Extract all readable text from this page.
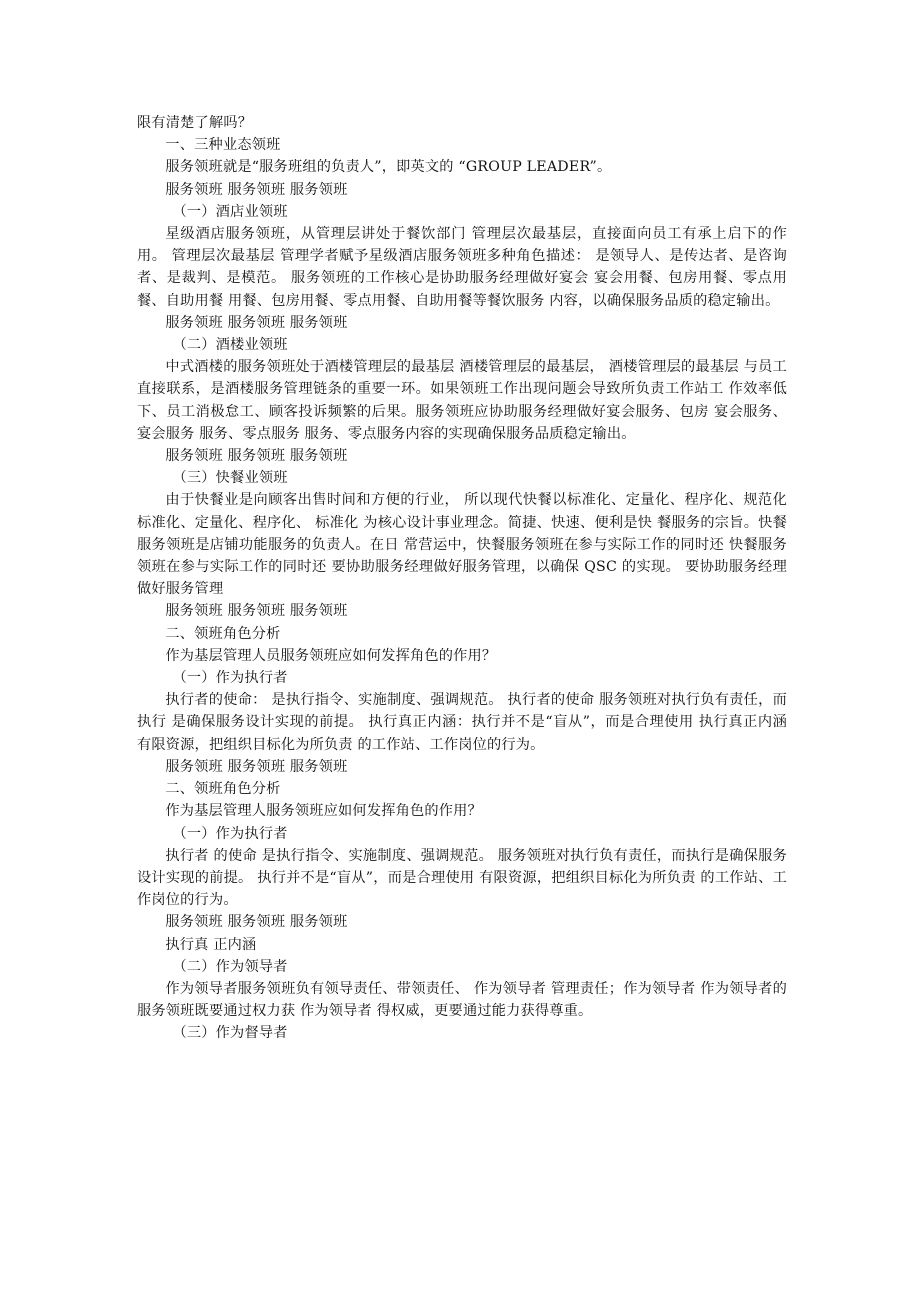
限有清楚了解吗？

一、三种业态领班

服务领班就是“服务班组的负责人”，即英文的 “GROUP LEADER”。

服务领班 服务领班 服务领班

（一）酒店业领班

星级酒店服务领班，从管理层讲处于餐饮部门 管理层次最基层，直接面向员工有承上启下的作用。 管理层次最基层 管理学者赋予星级酒店服务领班多种角色描述： 是领导人、是传达者、是咨询者、是裁判、是模范。 服务领班的工作核心是协助服务经理做好宴会 宴会用餐、包房用餐、零点用餐、自助用餐 用餐、包房用餐、零点用餐、自助用餐等餐饮服务 内容，以确保服务品质的稳定输出。

服务领班 服务领班 服务领班

（二）酒楼业领班

中式酒楼的服务领班处于酒楼管理层的最基层 酒楼管理层的最基层， 酒楼管理层的最基层 与员工直接联系，是酒楼服务管理链条的重要一环。如果领班工作出现问题会导致所负责工作站工 作效率低下、员工消极怠工、顾客投诉频繁的后果。服务领班应协助服务经理做好宴会服务、包房 宴会服务、 宴会服务 服务、零点服务 服务、零点服务内容的实现确保服务品质稳定输出。

服务领班 服务领班 服务领班

（三）快餐业领班

由于快餐业是向顾客出售时间和方便的行业， 所以现代快餐以标准化、定量化、程序化、规范化 标准化、定量化、程序化、 标准化 为核心设计事业理念。简捷、快速、便利是快 餐服务的宗旨。快餐服务领班是店铺功能服务的负责人。在日 常营运中，快餐服务领班在参与实际工作的同时还 快餐服务领班在参与实际工作的同时还 要协助服务经理做好服务管理，以确保 QSC 的实现。 要协助服务经理做好服务管理

服务领班 服务领班 服务领班

二、领班角色分析

作为基层管理人员服务领班应如何发挥角色的作用？

（一）作为执行者

执行者的使命： 是执行指令、实施制度、强调规范。 执行者的使命 服务领班对执行负有责任，而执行 是确保服务设计实现的前提。 执行真正内涵：执行并不是“盲从”，而是合理使用 执行真正内涵 有限资源，把组织目标化为所负责 的工作站、工作岗位的行为。

服务领班 服务领班 服务领班

二、领班角色分析

作为基层管理人服务领班应如何发挥角色的作用？

（一）作为执行者

执行者 的使命 是执行指令、实施制度、强调规范。 服务领班对执行负有责任，而执行是确保服务设计实现的前提。 执行并不是“盲从”，而是合理使用 有限资源，把组织目标化为所负责 的工作站、工作岗位的行为。

服务领班 服务领班 服务领班

执行真 正内涵

（二）作为领导者

作为领导者服务领班负有领导责任、带领责任、 作为领导者 管理责任；作为领导者 作为领导者的服务领班既要通过权力获 作为领导者 得权威，更要通过能力获得尊重。

（三）作为督导者
